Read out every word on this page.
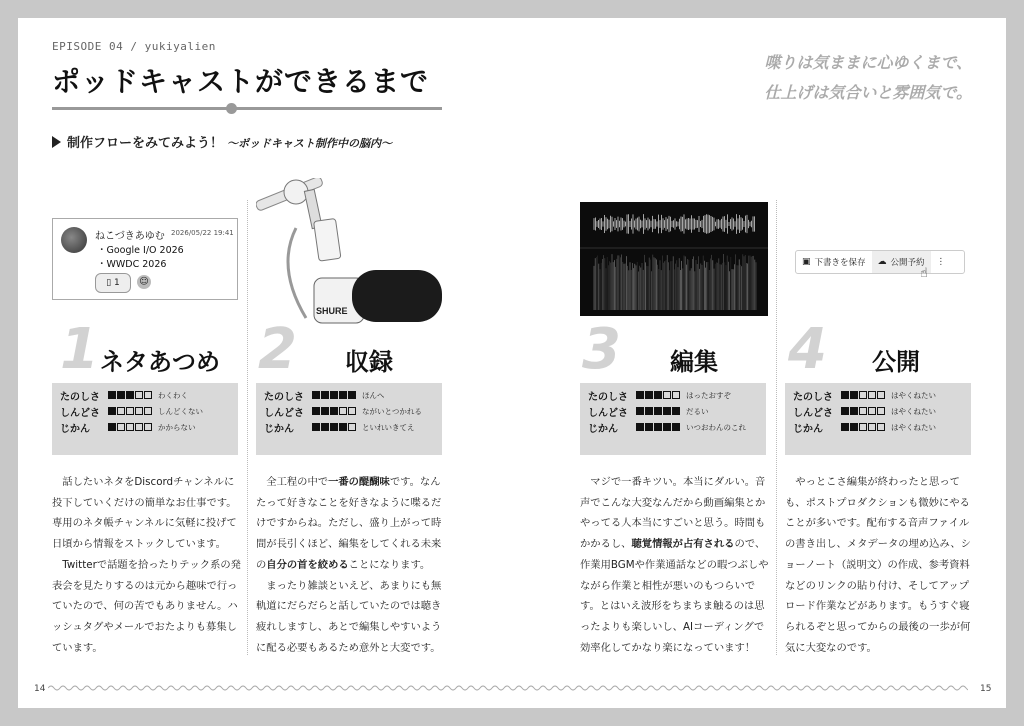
EPISODE 04 / yukiyalien
ポッドキャストができるまで
喋りは気ままに心ゆくまで、
仕上げは気合いと雰囲気で。
制作フローをみてみよう！ 〜ポッドキャスト制作中の脳内〜
ねこづきあゆむ 2026/05/22 19:41
・Google I/O 2026
・WWDC 2026
▯ 1	☺
SHURE
▣ 下書きを保存 ☁ 公開予約 ⋮
☝
1 ネタあつめ
たのしさ	わくわく
しんどさ	しんどくない
じかん	かからない
2 収録
たのしさ	ほんへ
しんどさ	ながいとつかれる
じかん	といれいきてえ
3 編集
たのしさ	はったおすぞ
しんどさ	だるい
じかん	いつおわんのこれ
4 公開
たのしさ	はやくねたい
しんどさ	はやくねたい
じかん	はやくねたい

話したいネタをDiscordチャンネルに投下していくだけの簡単なお仕事です。専用のネタ帳チャンネルに気軽に投げて日頃から情報をストックしています。

Twitterで話題を拾ったりテック系の発表会を見たりするのは元から趣味で行っていたので、何の苦でもありません。ハッシュタグやメールでおたよりも募集しています。

全工程の中で一番の醍醐味です。なんたって好きなことを好きなように喋るだけですからね。ただし、盛り上がって時間が長引くほど、編集をしてくれる未来の自分の首を絞めることになります。

まったり雑談といえど、あまりにも無軌道にだらだらと話していたのでは聴き疲れしますし、あとで編集しやすいように配る必要もあるため意外と大変です。

マジで一番キツい。本当にダルい。音声でこんな大変なんだから動画編集とかやってる人本当にすごいと思う。時間もかかるし、聴覚情報が占有されるので、作業用BGMや作業通話などの暇つぶしやながら作業と相性が悪いのもつらいです。とはいえ波形をちまちま触るのは思ったよりも楽しいし、AIコーディングで効率化してかなり楽になっています！

やっとこさ編集が終わったと思っても、ポストプロダクションも微妙にやることが多いです。配布する音声ファイルの書き出し、メタデータの埋め込み、ショーノート（説明文）の作成、参考資料などのリンクの貼り付け、そしてアップロード作業などがあります。もうすぐ寝られるぞと思ってからの最後の一歩が何気に大変なのです。

14	15
